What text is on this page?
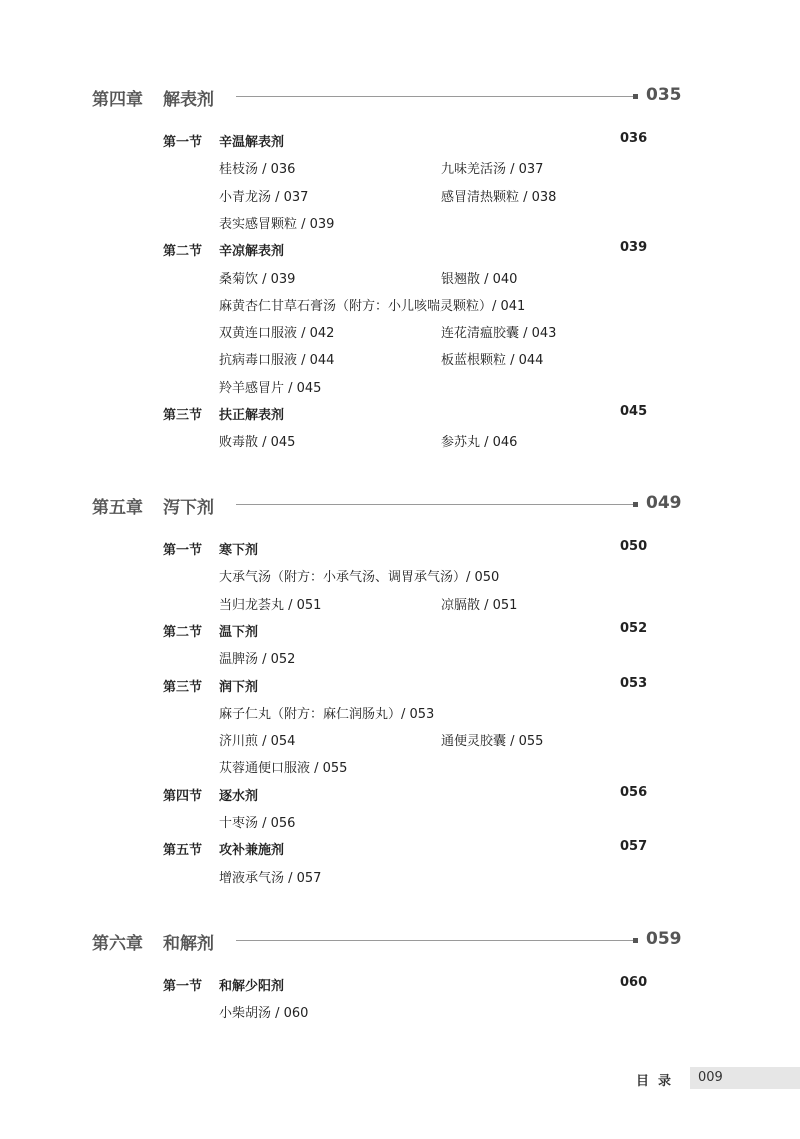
第四章 解表剂	035
第一节 辛温解表剂	036
桂枝汤 / 036	九味羌活汤 / 037
小青龙汤 / 037	感冒清热颗粒 / 038
表实感冒颗粒 / 039
第二节 辛凉解表剂	039
桑菊饮 / 039	银翘散 / 040
麻黄杏仁甘草石膏汤（附方：小儿咳喘灵颗粒）/ 041
双黄连口服液 / 042	连花清瘟胶囊 / 043
抗病毒口服液 / 044	板蓝根颗粒 / 044
羚羊感冒片 / 045
第三节 扶正解表剂	045
败毒散 / 045	参苏丸 / 046
第五章 泻下剂	049
第一节 寒下剂	050
大承气汤（附方：小承气汤、调胃承气汤）/ 050
当归龙荟丸 / 051	凉膈散 / 051
第二节 温下剂	052
温脾汤 / 052
第三节 润下剂	053
麻子仁丸（附方：麻仁润肠丸）/ 053
济川煎 / 054	通便灵胶囊 / 055
苁蓉通便口服液 / 055
第四节 逐水剂	056
十枣汤 / 056
第五节 攻补兼施剂	057
增液承气汤 / 057
第六章 和解剂	059
第一节 和解少阳剂	060
小柴胡汤 / 060
目录 009
